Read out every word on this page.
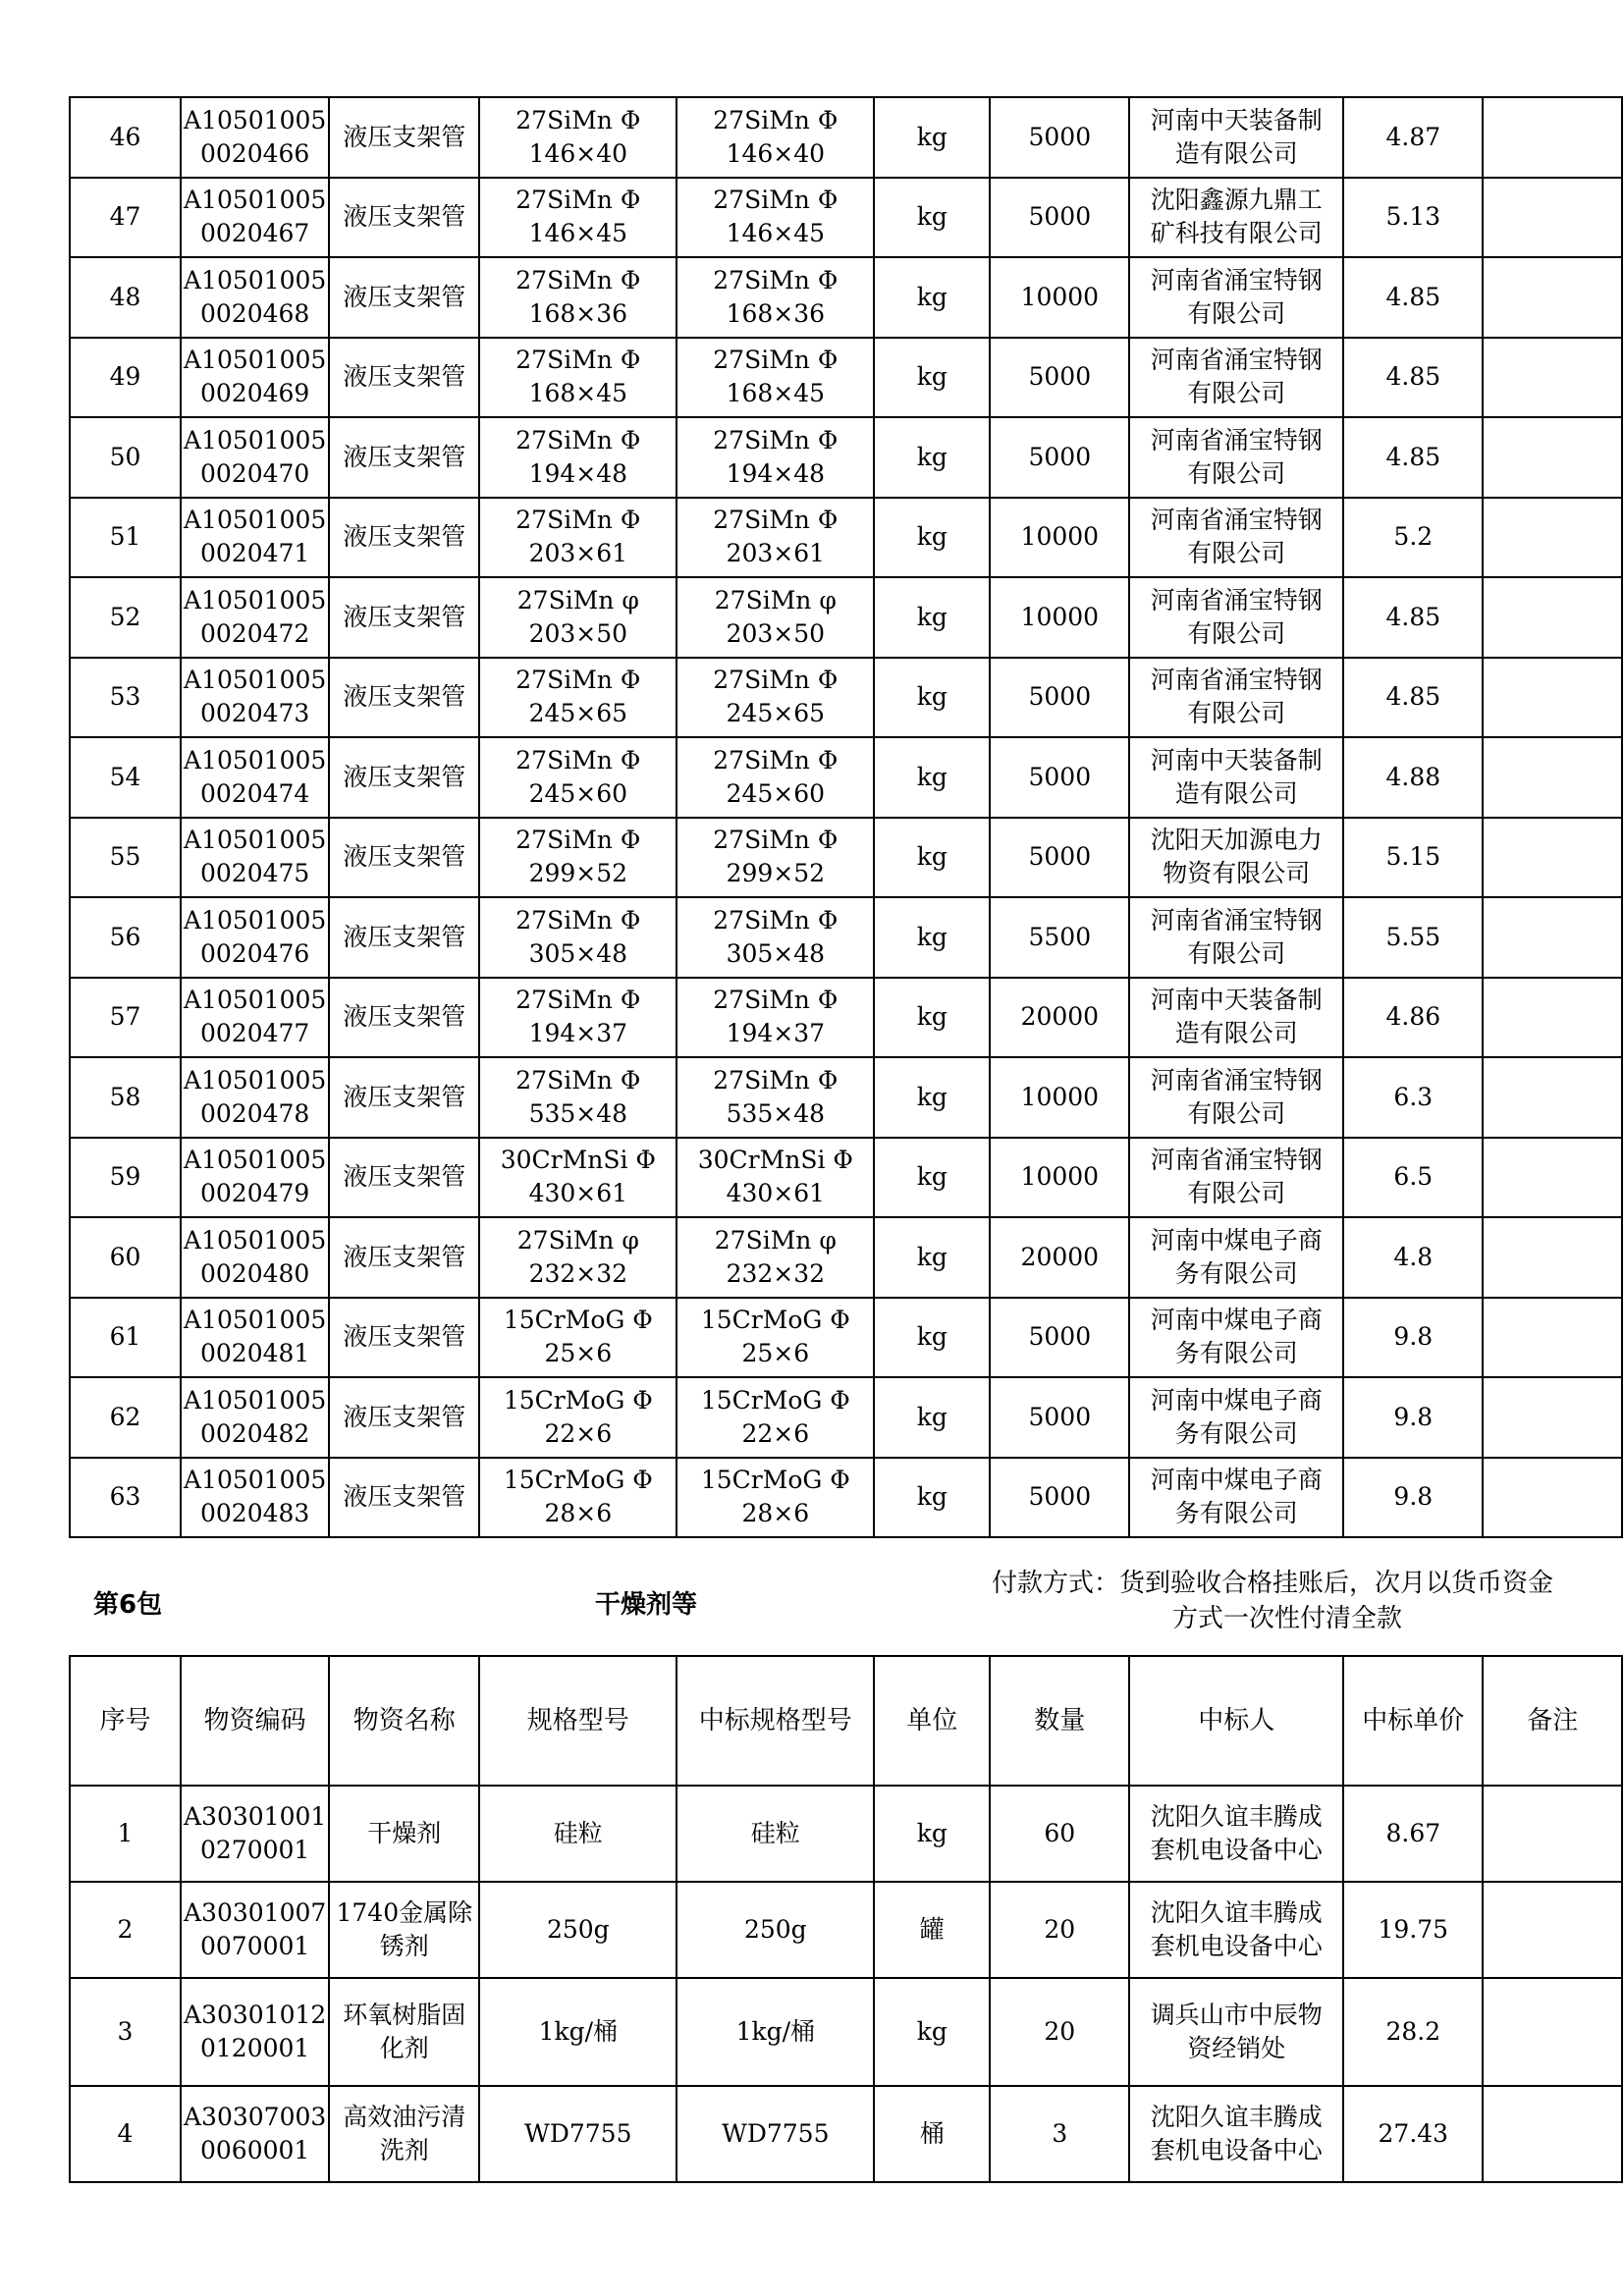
46	A10501005
0020466	液压支架管	27SiMn Φ
146×40	27SiMn Φ
146×40	kg	5000	河南中天装备制
造有限公司	4.87	

47	A10501005
0020467	液压支架管	27SiMn Φ
146×45	27SiMn Φ
146×45	kg	5000	沈阳鑫源九鼎工
矿科技有限公司	5.13	

48	A10501005
0020468	液压支架管	27SiMn Φ
168×36	27SiMn Φ
168×36	kg	10000	河南省涌宝特钢
有限公司	4.85	

49	A10501005
0020469	液压支架管	27SiMn Φ
168×45	27SiMn Φ
168×45	kg	5000	河南省涌宝特钢
有限公司	4.85	

50	A10501005
0020470	液压支架管	27SiMn Φ
194×48	27SiMn Φ
194×48	kg	5000	河南省涌宝特钢
有限公司	4.85	

51	A10501005
0020471	液压支架管	27SiMn Φ
203×61	27SiMn Φ
203×61	kg	10000	河南省涌宝特钢
有限公司	5.2	

52	A10501005
0020472	液压支架管	27SiMn φ
203×50	27SiMn φ
203×50	kg	10000	河南省涌宝特钢
有限公司	4.85	

53	A10501005
0020473	液压支架管	27SiMn Φ
245×65	27SiMn Φ
245×65	kg	5000	河南省涌宝特钢
有限公司	4.85	

54	A10501005
0020474	液压支架管	27SiMn Φ
245×60	27SiMn Φ
245×60	kg	5000	河南中天装备制
造有限公司	4.88	

55	A10501005
0020475	液压支架管	27SiMn Φ
299×52	27SiMn Φ
299×52	kg	5000	沈阳天加源电力
物资有限公司	5.15	

56	A10501005
0020476	液压支架管	27SiMn Φ
305×48	27SiMn Φ
305×48	kg	5500	河南省涌宝特钢
有限公司	5.55	

57	A10501005
0020477	液压支架管	27SiMn Φ
194×37	27SiMn Φ
194×37	kg	20000	河南中天装备制
造有限公司	4.86	

58	A10501005
0020478	液压支架管	27SiMn Φ
535×48	27SiMn Φ
535×48	kg	10000	河南省涌宝特钢
有限公司	6.3	

59	A10501005
0020479	液压支架管	30CrMnSi Φ
430×61	30CrMnSi Φ
430×61	kg	10000	河南省涌宝特钢
有限公司	6.5	

60	A10501005
0020480	液压支架管	27SiMn φ
232×32	27SiMn φ
232×32	kg	20000	河南中煤电子商
务有限公司	4.8	

61	A10501005
0020481	液压支架管	15CrMoG Φ
25×6	15CrMoG Φ
25×6	kg	5000	河南中煤电子商
务有限公司	9.8	

62	A10501005
0020482	液压支架管	15CrMoG Φ
22×6	15CrMoG Φ
22×6	kg	5000	河南中煤电子商
务有限公司	9.8	

63	A10501005
0020483	液压支架管	15CrMoG Φ
28×6	15CrMoG Φ
28×6	kg	5000	河南中煤电子商
务有限公司	9.8	

第6包	干燥剂等
付款方式：货到验收合格挂账后，次月以货币资金
方式一次性付清全款
序号	物资编码	物资名称	规格型号	中标规格型号	单位	数量	中标人	中标单价	备注

1	A30301001
0270001	干燥剂	硅粒	硅粒	kg	60	沈阳久谊丰腾成
套机电设备中心	8.67	

2	A30301007
0070001	1740金属除
锈剂	250g	250g	罐	20	沈阳久谊丰腾成
套机电设备中心	19.75	

3	A30301012
0120001	环氧树脂固
化剂	1kg/桶	1kg/桶	kg	20	调兵山市中辰物
资经销处	28.2	

4	A30307003
0060001	高效油污清
洗剂	WD7755	WD7755	桶	3	沈阳久谊丰腾成
套机电设备中心	27.43	
